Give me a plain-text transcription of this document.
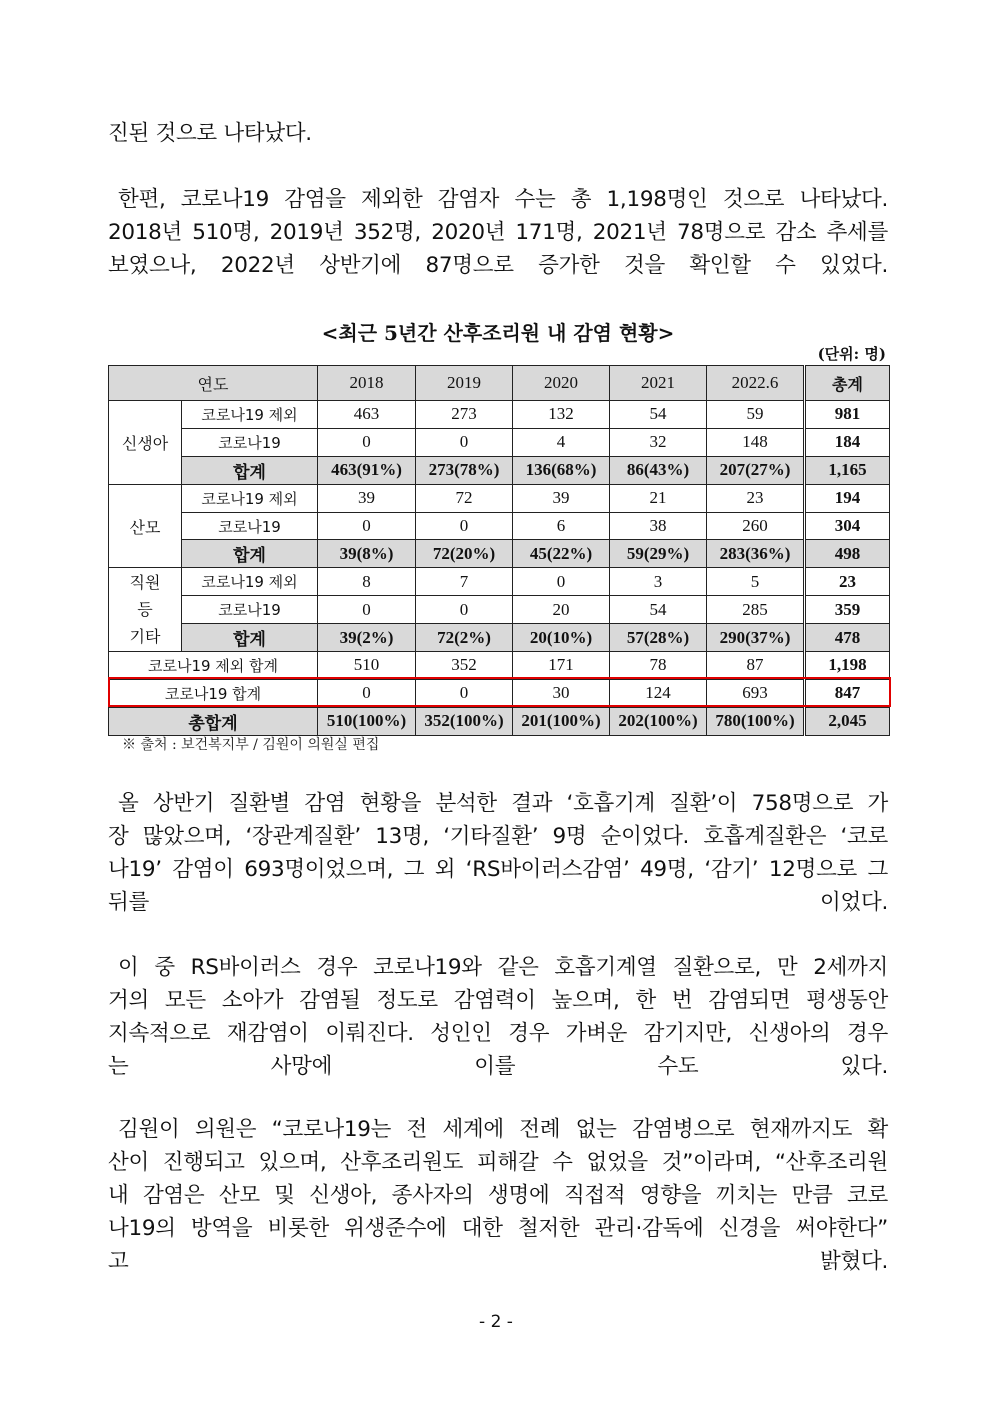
진된 것으로 나타났다.
한편, 코로나19 감염을 제외한 감염자 수는 총 1,198명인 것으로 나타났다.
2018년 510명, 2019년 352명, 2020년 171명, 2021년 78명으로 감소 추세를
보였으나, 2022년 상반기에 87명으로 증가한 것을 확인할 수 있었다.
<최근 5년간 산후조리원 내 감염 현황>
(단위: 명)
연도		2018	2019	2020	2021	2022.6	총계
신생아	코로나19 제외	463	273	132	54	59	981
	코로나19	0	0	4	32	148	184
	합계	463(91%)	273(78%)	136(68%)	86(43%)	207(27%)	1,165
산모	코로나19 제외	39	72	39	21	23	194
	코로나19	0	0	6	38	260	304
	합계	39(8%)	72(20%)	45(22%)	59(29%)	283(36%)	498

직원
등
기타	코로나19 제외	8	7	0	3	5	23
	코로나19	0	0	20	54	285	359
	합계	39(2%)	72(2%)	20(10%)	57(28%)	290(37%)	478
코로나19 제외 합계		510	352	171	78	87	1,198
코로나19 합계		0	0	30	124	693	847
총합계		510(100%)	352(100%)	201(100%)	202(100%)	780(100%)	2,045
※ 출처 : 보건복지부 / 김원이 의원실 편집
올 상반기 질환별 감염 현황을 분석한 결과 ‘호흡기계 질환’이 758명으로 가
장 많았으며, ‘장관계질환’ 13명, ‘기타질환’ 9명 순이었다. 호흡계질환은 ‘코로
나19’ 감염이 693명이었으며, 그 외 ‘RS바이러스감염’ 49명, ‘감기’ 12명으로 그
뒤를 이었다.
이 중 RS바이러스 경우 코로나19와 같은 호흡기계열 질환으로, 만 2세까지
거의 모든 소아가 감염될 정도로 감염력이 높으며, 한 번 감염되면 평생동안
지속적으로 재감염이 이뤄진다. 성인인 경우 가벼운 감기지만, 신생아의 경우
는 사망에 이를 수도 있다.
김원이 의원은 “코로나19는 전 세계에 전례 없는 감염병으로 현재까지도 확
산이 진행되고 있으며, 산후조리원도 피해갈 수 없었을 것”이라며, “산후조리원
내 감염은 산모 및 신생아, 종사자의 생명에 직접적 영향을 끼치는 만큼 코로
나19의 방역을 비롯한 위생준수에 대한 철저한 관리·감독에 신경을 써야한다”
고 밝혔다.
- 2 -
